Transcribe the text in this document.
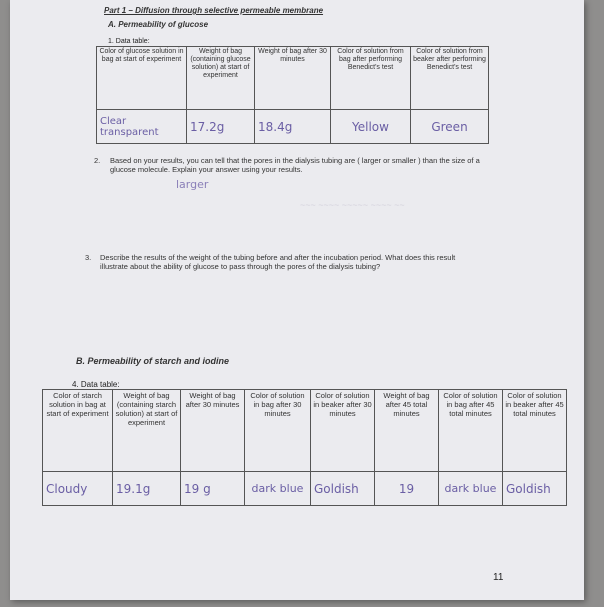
Part 1 – Diffusion through selective permeable membrane
A. Permeability of glucose
1. Data table:
Color of glucose solution in bag at start of experiment	Weight of bag (containing glucose solution) at start of experiment	Weight of bag after 30 minutes	Color of solution from bag after performing Benedict's test	Color of solution from beaker after performing Benedict's test
Clear transparent	17.2g	18.4g	Yellow	Green
2. Based on your results, you can tell that the pores in the dialysis tubing are ( larger or smaller ) than the size of a glucose molecule. Explain your answer using your results.
larger
~~~ ~~~~ ~~~~~ ~~~~ ~~
3. Describe the results of the weight of the tubing before and after the incubation period. What does this result illustrate about the ability of glucose to pass through the pores of the dialysis tubing?
B. Permeability of starch and iodine
4. Data table:
Color of starch solution in bag at start of experiment	Weight of bag (containing starch solution) at start of experiment	Weight of bag after 30 minutes	Color of solution in bag after 30 minutes	Color of solution in beaker after 30 minutes	Weight of bag after 45 total minutes	Color of solution in bag after 45 total minutes	Color of solution in beaker after 45 total minutes
Cloudy	19.1g	19 g	dark blue	Goldish	19	dark blue	Goldish
11
